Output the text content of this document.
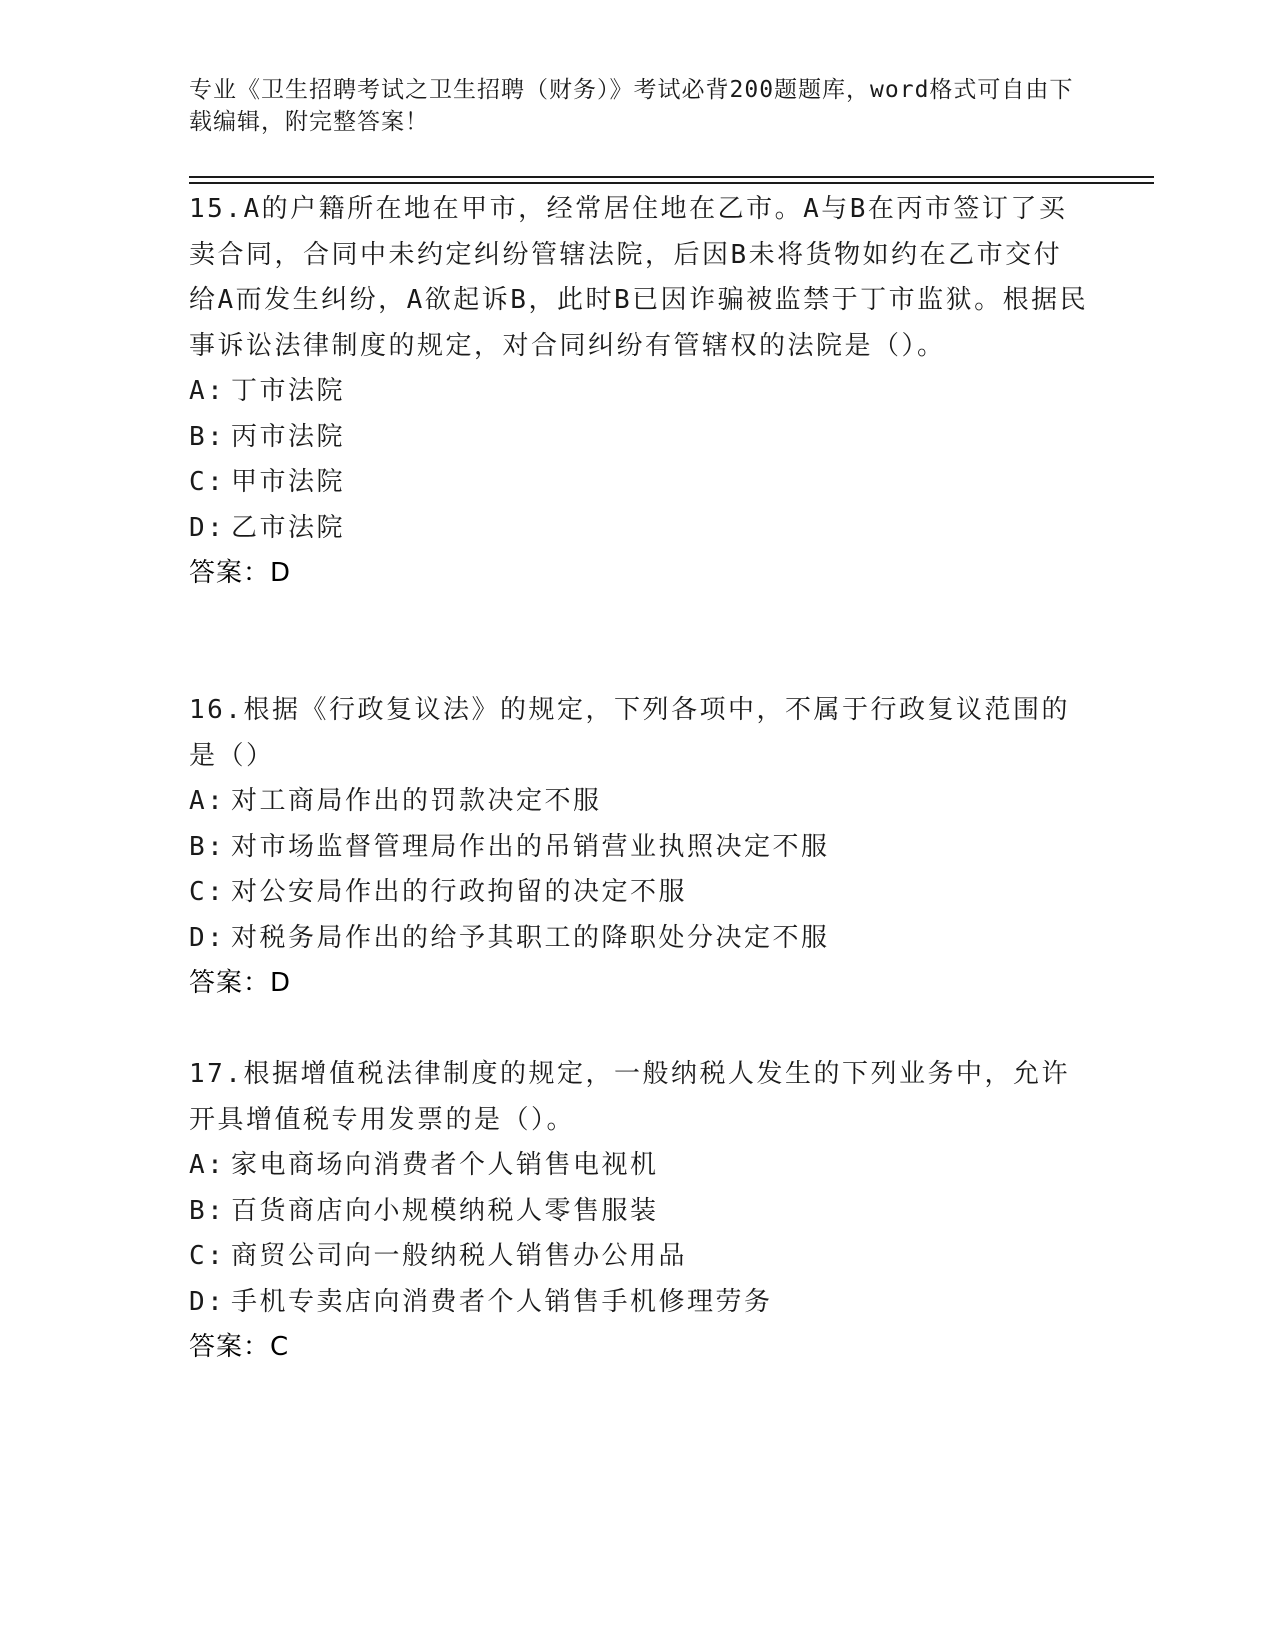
专业《卫生招聘考试之卫生招聘（财务）》考试必背200题题库，word格式可自由下载编辑，附完整答案！

15.A的户籍所在地在甲市，经常居住地在乙市。A与B在丙市签订了买卖合同，合同中未约定纠纷管辖法院，后因B未将货物如约在乙市交付给A而发生纠纷，A欲起诉B，此时B已因诈骗被监禁于丁市监狱。根据民事诉讼法律制度的规定，对合同纠纷有管辖权的法院是（）。

A: 丁市法院

B: 丙市法院

C: 甲市法院

D: 乙市法院

答案：D

16.根据《行政复议法》的规定，下列各项中，不属于行政复议范围的是（）

A: 对工商局作出的罚款决定不服

B: 对市场监督管理局作出的吊销营业执照决定不服

C: 对公安局作出的行政拘留的决定不服

D: 对税务局作出的给予其职工的降职处分决定不服

答案：D

17.根据增值税法律制度的规定，一般纳税人发生的下列业务中，允许开具增值税专用发票的是（）。

A: 家电商场向消费者个人销售电视机

B: 百货商店向小规模纳税人零售服装

C: 商贸公司向一般纳税人销售办公用品

D: 手机专卖店向消费者个人销售手机修理劳务

答案：C
